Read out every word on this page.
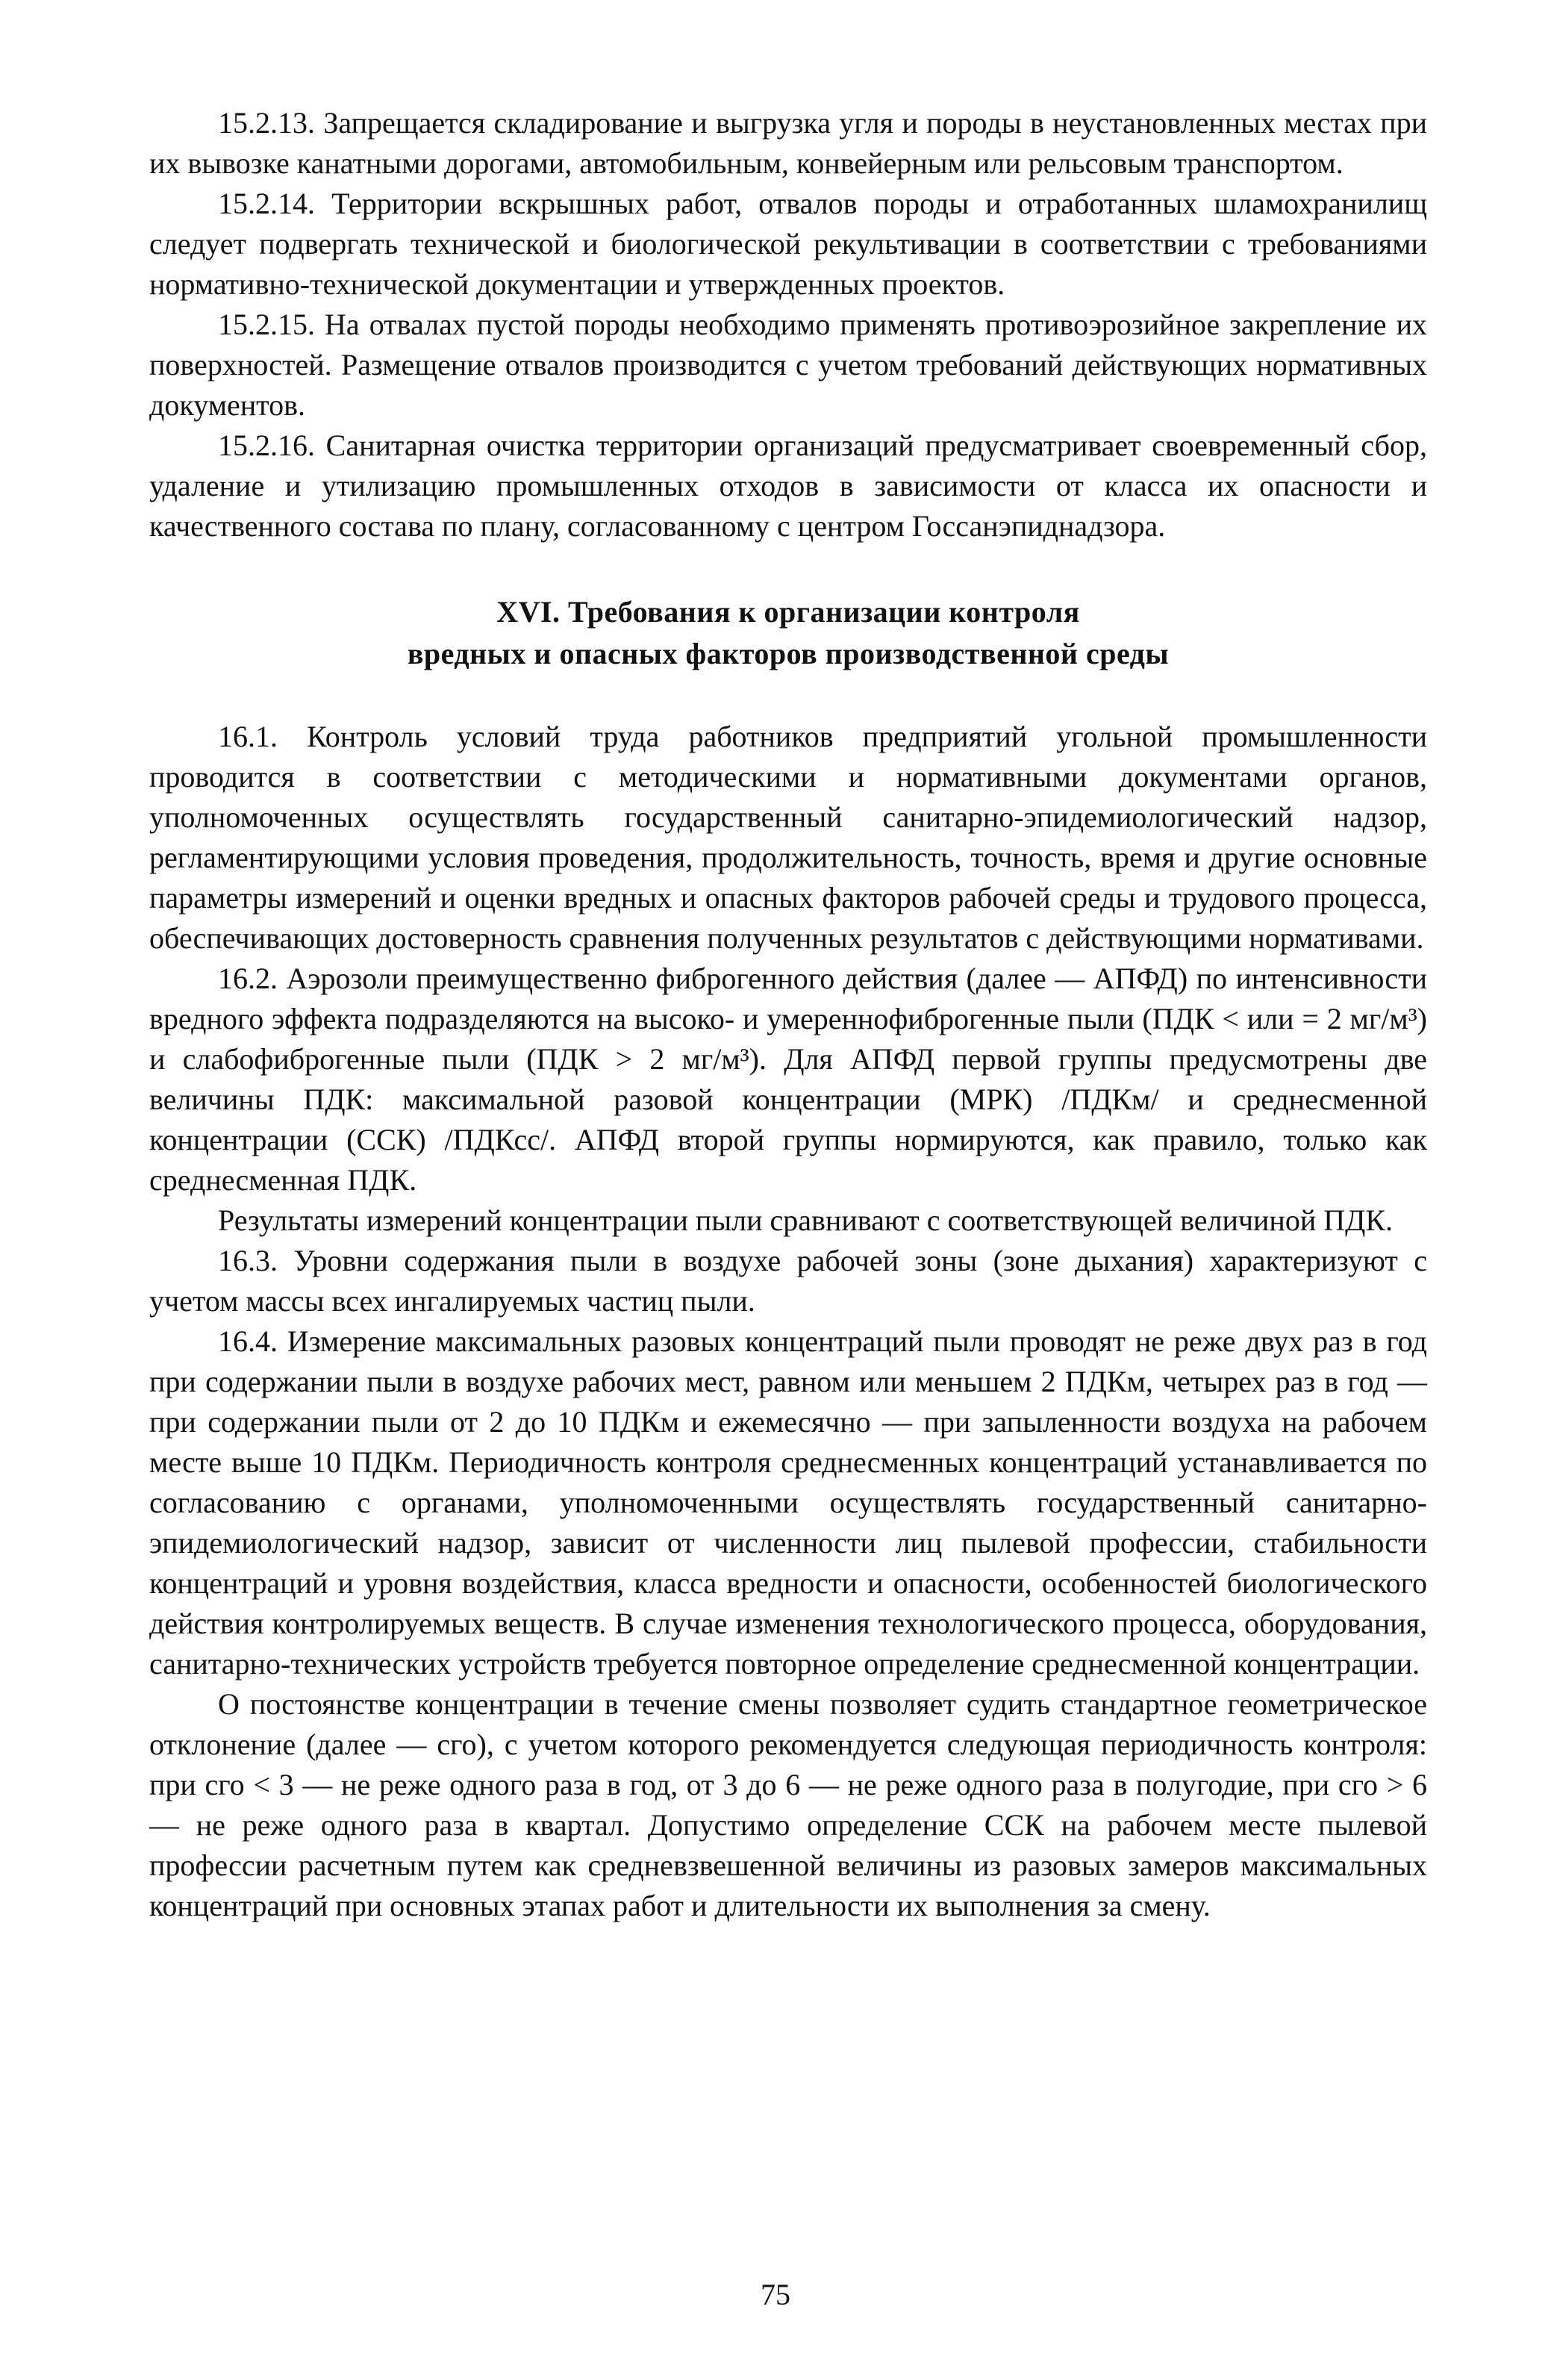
15.2.13. Запрещается складирование и выгрузка угля и породы в неустановленных местах при их вывозке канатными дорогами, автомобильным, конвейерным или рельсовым транспортом.

15.2.14. Территории вскрышных работ, отвалов породы и отработанных шламохранилищ следует подвергать технической и биологической рекультивации в соответствии с требованиями нормативно-технической документации и утвержденных проектов.

15.2.15. На отвалах пустой породы необходимо применять противоэрозийное закрепление их поверхностей. Размещение отвалов производится с учетом требований действующих нормативных документов.

15.2.16. Санитарная очистка территории организаций предусматривает своевременный сбор, удаление и утилизацию промышленных отходов в зависимости от класса их опасности и качественного состава по плану, согласованному с центром Госсанэпиднадзора.

XVI. Требования к организации контроля
вредных и опасных факторов производственной среды

16.1. Контроль условий труда работников предприятий угольной промышленности проводится в соответствии с методическими и нормативными документами органов, уполномоченных осуществлять государственный санитарно-эпидемиологический надзор, регламентирующими условия проведения, продолжительность, точность, время и другие основные параметры измерений и оценки вредных и опасных факторов рабочей среды и трудового процесса, обеспечивающих достоверность сравнения полученных результатов с действующими нормативами.

16.2. Аэрозоли преимущественно фиброгенного действия (далее — АПФД) по интенсивности вредного эффекта подразделяются на высоко- и умереннофиброгенные пыли (ПДК < или = 2 мг/м³) и слабофиброгенные пыли (ПДК > 2 мг/м³). Для АПФД первой группы предусмотрены две величины ПДК: максимальной разовой концентрации (МРК) /ПДКм/ и среднесменной концентрации (ССК) /ПДКсс/. АПФД второй группы нормируются, как правило, только как среднесменная ПДК.

Результаты измерений концентрации пыли сравнивают с соответствующей величиной ПДК.

16.3. Уровни содержания пыли в воздухе рабочей зоны (зоне дыхания) характеризуют с учетом массы всех ингалируемых частиц пыли.

16.4. Измерение максимальных разовых концентраций пыли проводят не реже двух раз в год при содержании пыли в воздухе рабочих мест, равном или меньшем 2 ПДКм, четырех раз в год — при содержании пыли от 2 до 10 ПДКм и ежемесячно — при запыленности воздуха на рабочем месте выше 10 ПДКм. Периодичность контроля среднесменных концентраций устанавливается по согласованию с органами, уполномоченными осуществлять государственный санитарно-эпидемиологический надзор, зависит от численности лиц пылевой профессии, стабильности концентраций и уровня воздействия, класса вредности и опасности, особенностей биологического действия контролируемых веществ. В случае изменения технологического процесса, оборудования, санитарно-технических устройств требуется повторное определение среднесменной концентрации.

О постоянстве концентрации в течение смены позволяет судить стандартное геометрическое отклонение (далее — сго), с учетом которого рекомендуется следующая периодичность контроля: при сго < 3 — не реже одного раза в год, от 3 до 6 — не реже одного раза в полугодие, при сго > 6 — не реже одного раза в квартал. Допустимо определение ССК на рабочем месте пылевой профессии расчетным путем как средневзвешенной величины из разовых замеров максимальных концентраций при основных этапах работ и длительности их выполнения за смену.

75
